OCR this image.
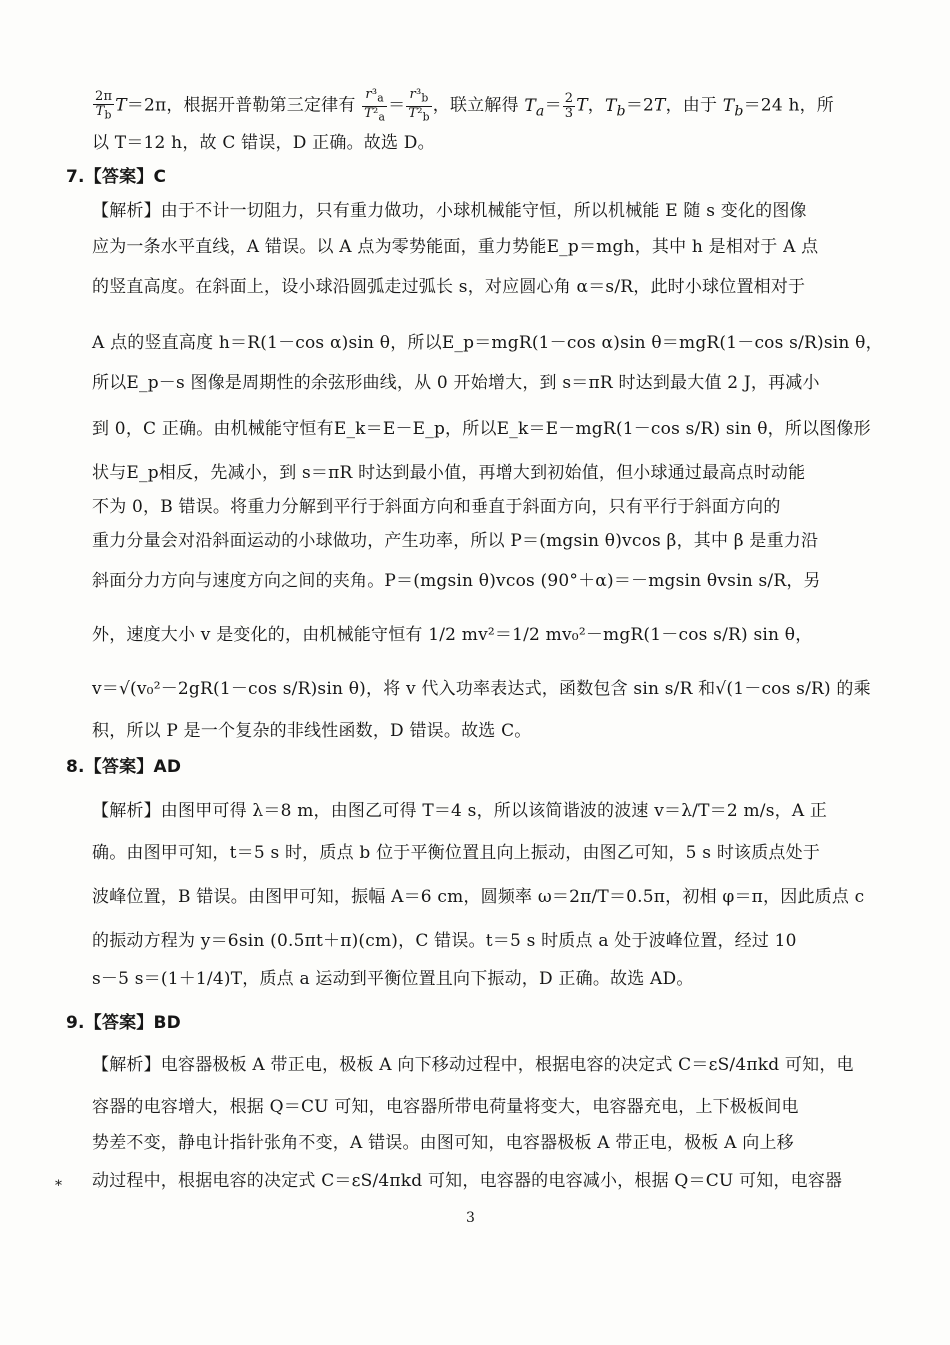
$\frac{2\pi}{T_b} T=2\pi$，根据开普勒第三定律有 $\frac{r^3_a}{T^2_a} = \frac{r^3_b}{T^2_b}$ ，联立解得 $T_a= \frac{2}{3}$ T，$T_b=2T$，由于 $T_b=24$ h，所
以 T＝12 h，故 C 错误，D 正确。故选 D。
7.【答案】C
【解析】由于不计一切阻力，只有重力做功，小球机械能守恒，所以机械能 E 随 s 变化的图像
应为一条水平直线，A 错误。以 A 点为零势能面，重力势能E_p＝mgh，其中 h 是相对于 A 点
的竖直高度。在斜面上，设小球沿圆弧走过弧长 s，对应圆心角 α＝s/R，此时小球位置相对于
A 点的竖直高度 h＝R(1－cos α)sin θ，所以E_p＝mgR(1－cos α)sin θ＝mgR(1－cos s/R)sin θ，
所以E_p－s 图像是周期性的余弦形曲线，从 0 开始增大，到 s＝πR 时达到最大值 2 J，再减小
到 0，C 正确。由机械能守恒有E_k＝E－E_p，所以E_k＝E－mgR(1－cos s/R) sin θ，所以图像形
状与E_p相反，先减小，到 s＝πR 时达到最小值，再增大到初始值，但小球通过最高点时动能
不为 0，B 错误。将重力分解到平行于斜面方向和垂直于斜面方向，只有平行于斜面方向的
重力分量会对沿斜面运动的小球做功，产生功率，所以 P＝(mgsin θ)vcos β，其中 β 是重力沿
斜面分力方向与速度方向之间的夹角。P＝(mgsin θ)vcos (90°＋α)＝－mgsin θvsin s/R，另
外，速度大小 v 是变化的，由机械能守恒有 1/2 mv²＝1/2 mv₀²－mgR(1－cos s/R) sin θ，
v＝√(v₀²－2gR(1－cos s/R)sin θ)，将 v 代入功率表达式，函数包含 sin s/R 和√(1－cos s/R) 的乘
积，所以 P 是一个复杂的非线性函数，D 错误。故选 C。
8.【答案】AD
【解析】由图甲可得 λ＝8 m，由图乙可得 T＝4 s，所以该简谐波的波速 v＝λ/T＝2 m/s，A 正
确。由图甲可知，t＝5 s 时，质点 b 位于平衡位置且向上振动，由图乙可知，5 s 时该质点处于
波峰位置，B 错误。由图甲可知，振幅 A＝6 cm，圆频率 ω＝2π/T＝0.5π，初相 φ＝π，因此质点 c
的振动方程为 y＝6sin (0.5πt＋π)(cm)，C 错误。t＝5 s 时质点 a 处于波峰位置，经过 10
s－5 s＝(1＋1/4)T，质点 a 运动到平衡位置且向下振动，D 正确。故选 AD。
9.【答案】BD
【解析】电容器极板 A 带正电，极板 A 向下移动过程中，根据电容的决定式 C＝εS/4πkd 可知，电
容器的电容增大，根据 Q＝CU 可知，电容器所带电荷量将变大，电容器充电，上下极板间电
势差不变，静电计指针张角不变，A 错误。由图可知，电容器极板 A 带正电，极板 A 向上移
动过程中，根据电容的决定式 C＝εS/4πkd 可知，电容器的电容减小，根据 Q＝CU 可知，电容器
*
3
